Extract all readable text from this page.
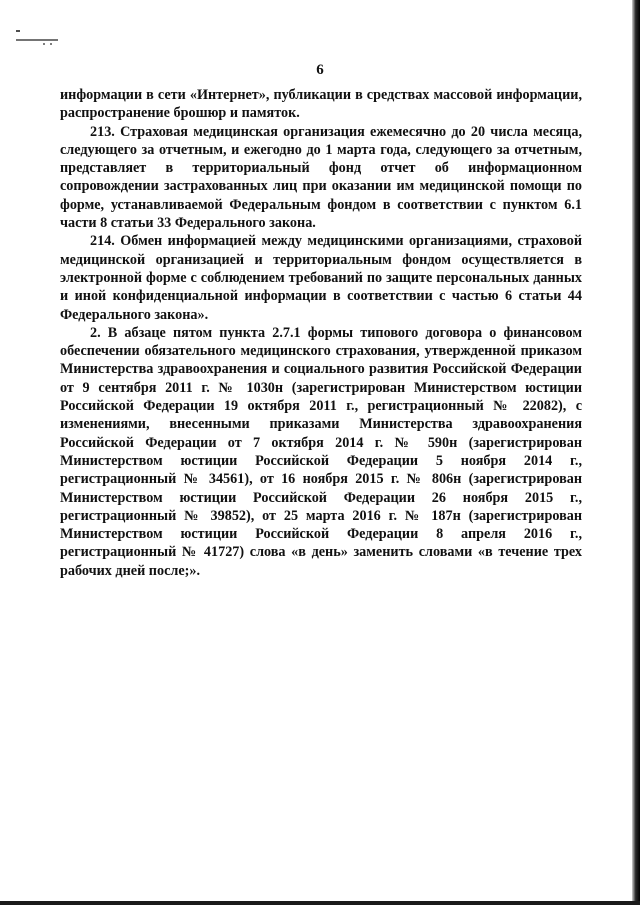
6

информации в сети «Интернет», публикации в средствах массовой информации, распространение брошюр и памяток.

213. Страховая медицинская организация ежемесячно до 20 числа месяца, следующего за отчетным, и ежегодно до 1 марта года, следующего за отчетным, представляет в территориальный фонд отчет об информационном сопровождении застрахованных лиц при оказании им медицинской помощи по форме, устанавливаемой Федеральным фондом в соответствии с пунктом 6.1 части 8 статьи 33 Федерального закона.

214. Обмен информацией между медицинскими организациями, страховой медицинской организацией и территориальным фондом осуществляется в электронной форме с соблюдением требований по защите персональных данных и иной конфиденциальной информации в соответствии с частью 6 статьи 44 Федерального закона».

2. В абзаце пятом пункта 2.7.1 формы типового договора о финансовом обеспечении обязательного медицинского страхования, утвержденной приказом Министерства здравоохранения и социального развития Российской Федерации от 9 сентября 2011 г. № 1030н (зарегистрирован Министерством юстиции Российской Федерации 19 октября 2011 г., регистрационный № 22082), с изменениями, внесенными приказами Министерства здравоохранения Российской Федерации от 7 октября 2014 г. № 590н (зарегистрирован Министерством юстиции Российской Федерации 5 ноября 2014 г., регистрационный № 34561), от 16 ноября 2015 г. № 806н (зарегистрирован Министерством юстиции Российской Федерации 26 ноября 2015 г., регистрационный № 39852), от 25 марта 2016 г. № 187н (зарегистрирован Министерством юстиции Российской Федерации 8 апреля 2016 г., регистрационный № 41727) слова «в день» заменить словами «в течение трех рабочих дней после;».
